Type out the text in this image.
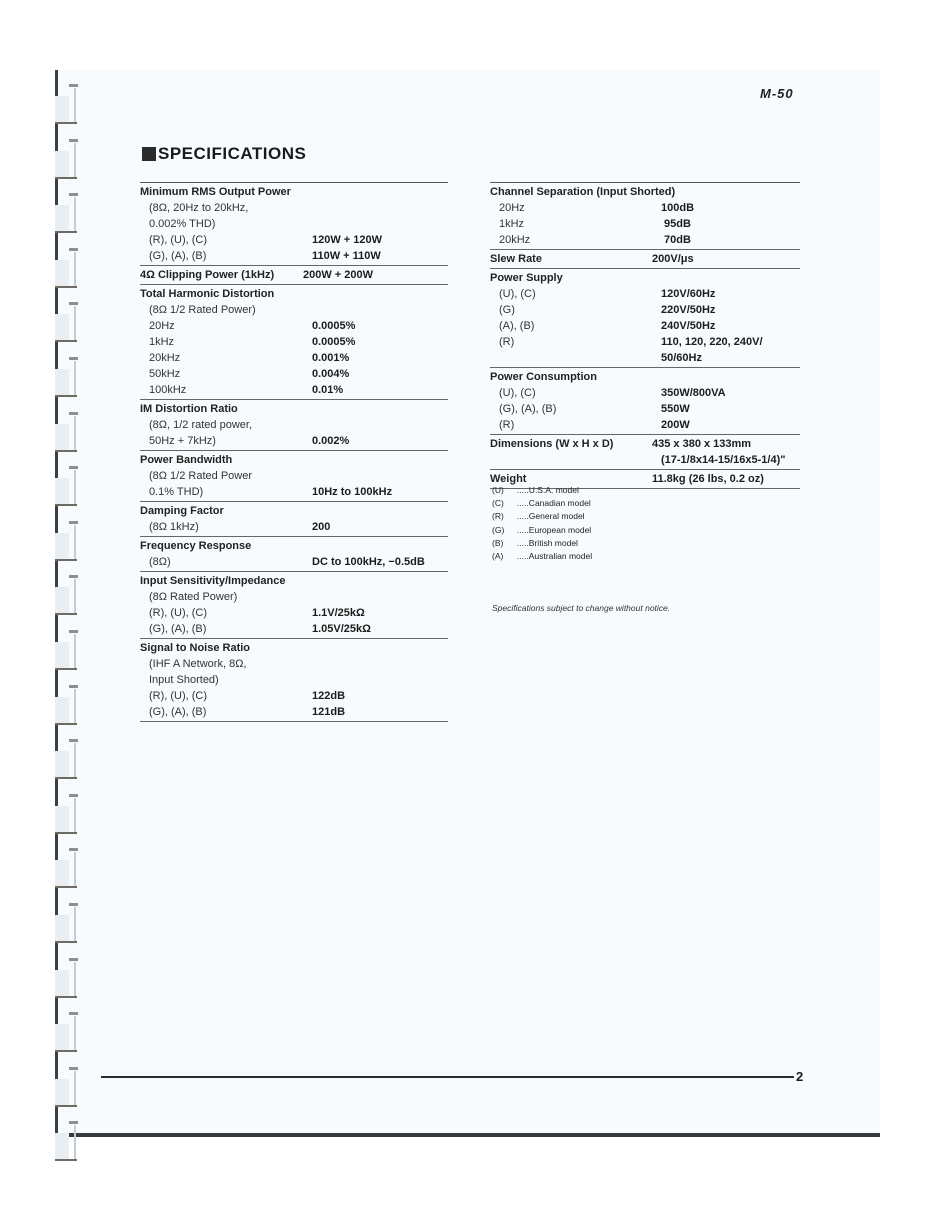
M-50
SPECIFICATIONS
Minimum RMS Output Power
(8Ω, 20Hz to 20kHz,
0.002% THD)
(R), (U), (C)	120W + 120W
(G), (A), (B)	110W + 110W
4Ω Clipping Power (1kHz)	200W + 200W
Total Harmonic Distortion
(8Ω 1/2 Rated Power)
20Hz	0.0005%
1kHz	0.0005%
20kHz	0.001%
50kHz	0.004%
100kHz	0.01%
IM Distortion Ratio
(8Ω, 1/2 rated power,
50Hz + 7kHz)	0.002%
Power Bandwidth
(8Ω 1/2 Rated Power
0.1% THD)	10Hz to 100kHz
Damping Factor
(8Ω 1kHz)	200
Frequency Response
(8Ω)	DC to 100kHz, −0.5dB
Input Sensitivity/Impedance
(8Ω Rated Power)
(R), (U), (C)	1.1V/25kΩ
(G), (A), (B)	1.05V/25kΩ
Signal to Noise Ratio
(IHF A Network, 8Ω,
Input Shorted)
(R), (U), (C)	122dB
(G), (A), (B)	121dB
Channel Separation (Input Shorted)
20Hz	100dB
1kHz	95dB
20kHz	70dB
Slew Rate	200V/μs
Power Supply
(U), (C)	120V/60Hz
(G)	220V/50Hz
(A), (B)	240V/50Hz
(R)	110, 120, 220, 240V/
50/60Hz
Power Consumption
(U), (C)	350W/800VA
(G), (A), (B)	550W
(R)	200W
Dimensions (W x H x D)	435 x 380 x 133mm
(17-1/8x14-15/16x5-1/4)"
Weight	11.8kg (26 lbs, 0.2 oz)
(U)	.....U.S.A. model
(C)	.....Canadian model
(R)	.....General model
(G)	.....European model
(B)	.....British model
(A)	.....Australian model
Specifications subject to change without notice.
2
